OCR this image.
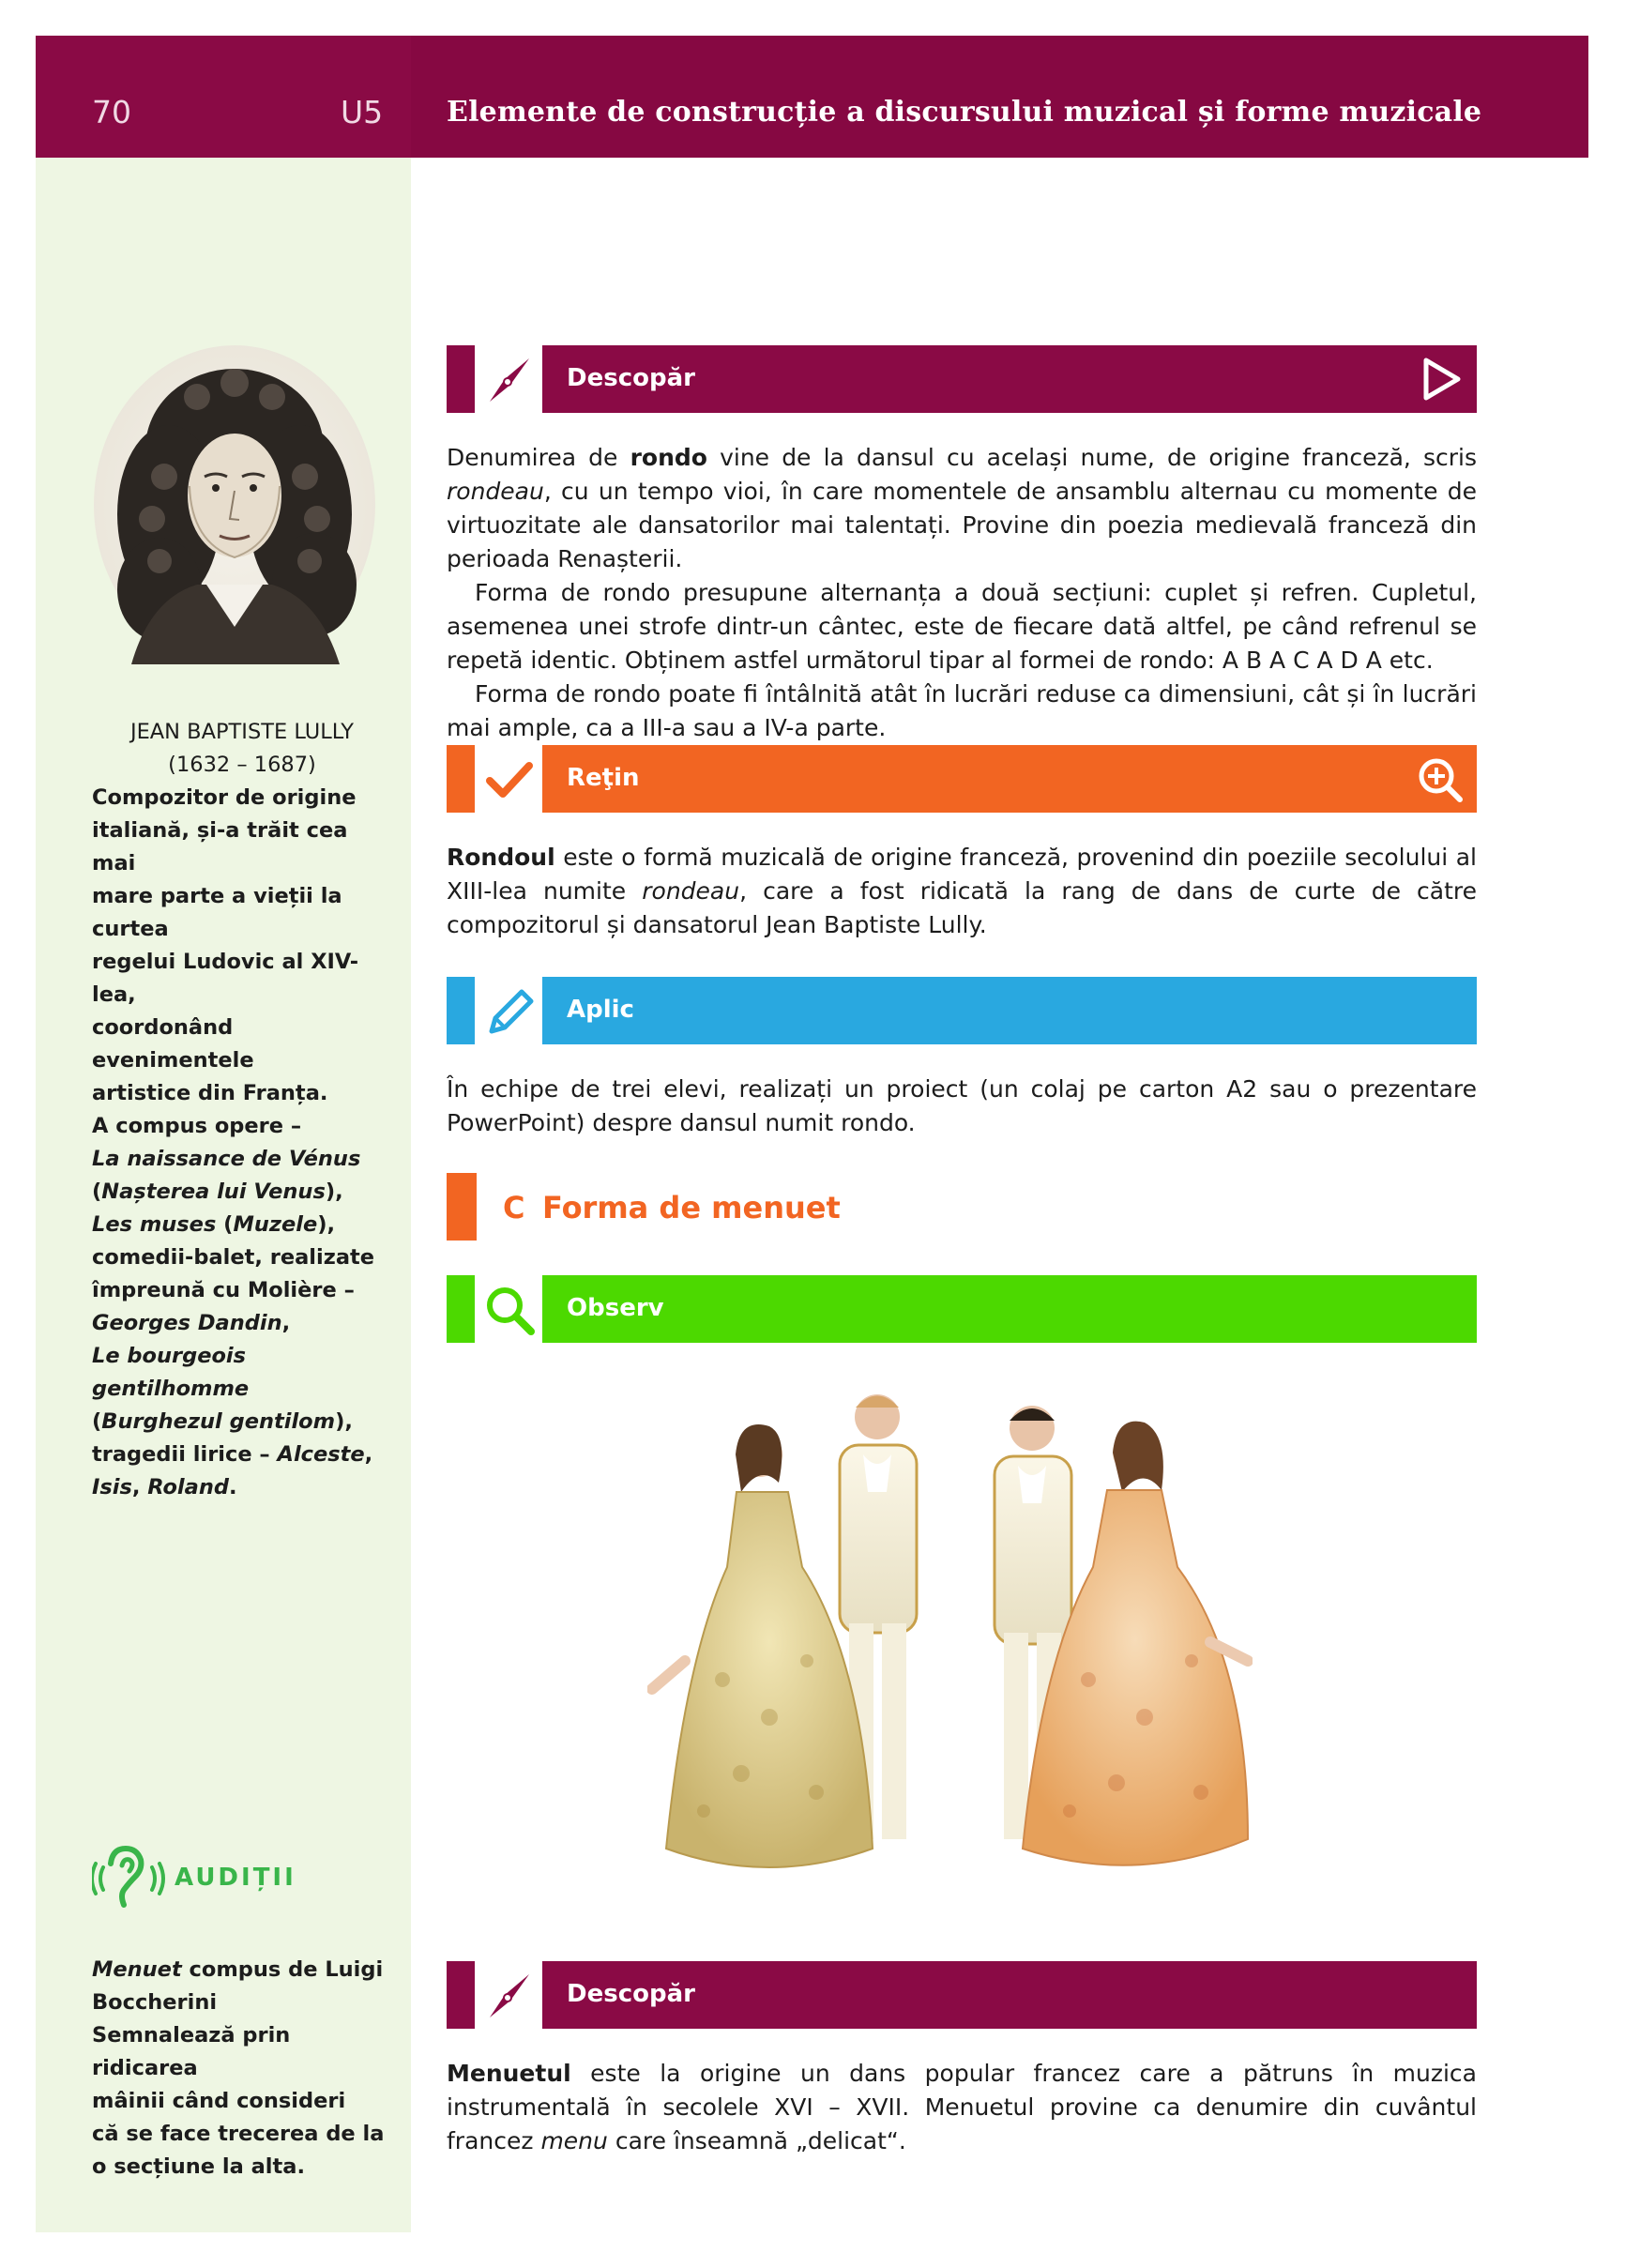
70	U5 Elemente de construcție a discursului muzical și forme muzicale
JEAN BAPTISTE LULLY
(1632 – 1687)
Compozitor de origine
italiană, și-a trăit cea mai
mare parte a vieții la curtea
regelui Ludovic al XIV-lea,
coordonând evenimentele
artistice din Franța.
A compus opere –
La naissance de Vénus
(Nașterea lui Venus),
Les muses (Muzele),
comedii-balet, realizate
împreună cu Molière –
Georges Dandin,
Le bourgeois gentilhomme
(Burghezul gentilom),
tragedii lirice – Alceste,
Isis, Roland.
AUDIȚII
Menuet compus de Luigi
Boccherini
Semnalează prin ridicarea
mâinii când consideri
că se face trecerea de la
o secțiune la alta.
Descopăr

Denumirea de rondo vine de la dansul cu același nume, de origine franceză, scris rondeau, cu un tempo vioi, în care momentele de ansamblu alternau cu momente de virtuozitate ale dansatorilor mai talentați. Provine din poezia medievală franceză din perioada Renașterii.

Forma de rondo presupune alternanța a două secțiuni: cuplet și refren. Cupletul, asemenea unei strofe dintr-un cântec, este de fiecare dată altfel, pe când refrenul se repetă identic. Obținem astfel următorul tipar al formei de rondo: A B A C A D A etc.

Forma de rondo poate fi întâlnită atât în lucrări reduse ca dimensiuni, cât și în lucrări mai ample, ca a III-a sau a IV-a parte.

Reţin

Rondoul este o formă muzicală de origine franceză, provenind din poeziile secolului al XIII-lea numite rondeau, care a fost ridicată la rang de dans de curte de către compozitorul și dansatorul Jean Baptiste Lully.

Aplic

În echipe de trei elevi, realizați un proiect (un colaj pe carton A2 sau o prezentare PowerPoint) despre dansul numit rondo.

C Forma de menuet
Observ
Descopăr

Menuetul este la origine un dans popular francez care a pătruns în muzica instrumentală în secolele XVI – XVII. Menuetul provine ca denumire din cuvântul francez menu care înseamnă „delicat“.
